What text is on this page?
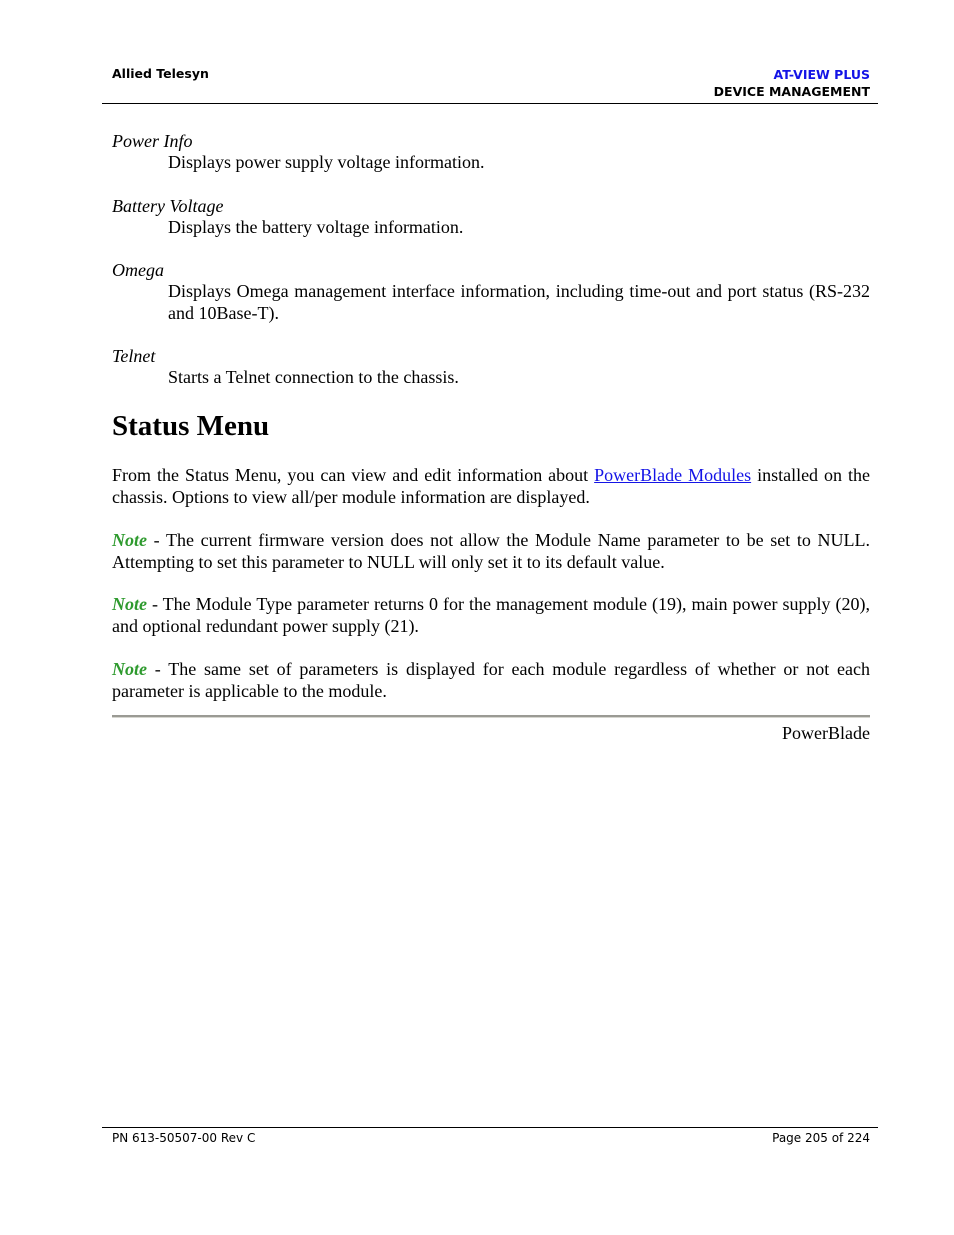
Allied Telesyn	AT-VIEW PLUS
DEVICE MANAGEMENT
Power Info
Displays power supply voltage information.
Battery Voltage
Displays the battery voltage information.
Omega
Displays Omega management interface information, including time-out and port status (RS-232 and 10Base-T).
Telnet
Starts a Telnet connection to the chassis.
Status Menu

From the Status Menu, you can view and edit information about PowerBlade Modules installed on the chassis. Options to view all/per module information are displayed.

Note - The current firmware version does not allow the Module Name parameter to be set to NULL. Attempting to set this parameter to NULL will only set it to its default value.

Note - The Module Type parameter returns 0 for the management module (19), main power supply (20), and optional redundant power supply (21).

Note - The same set of parameters is displayed for each module regardless of whether or not each parameter is applicable to the module.

PowerBlade
PN 613-50507-00 Rev C	Page 205 of 224
